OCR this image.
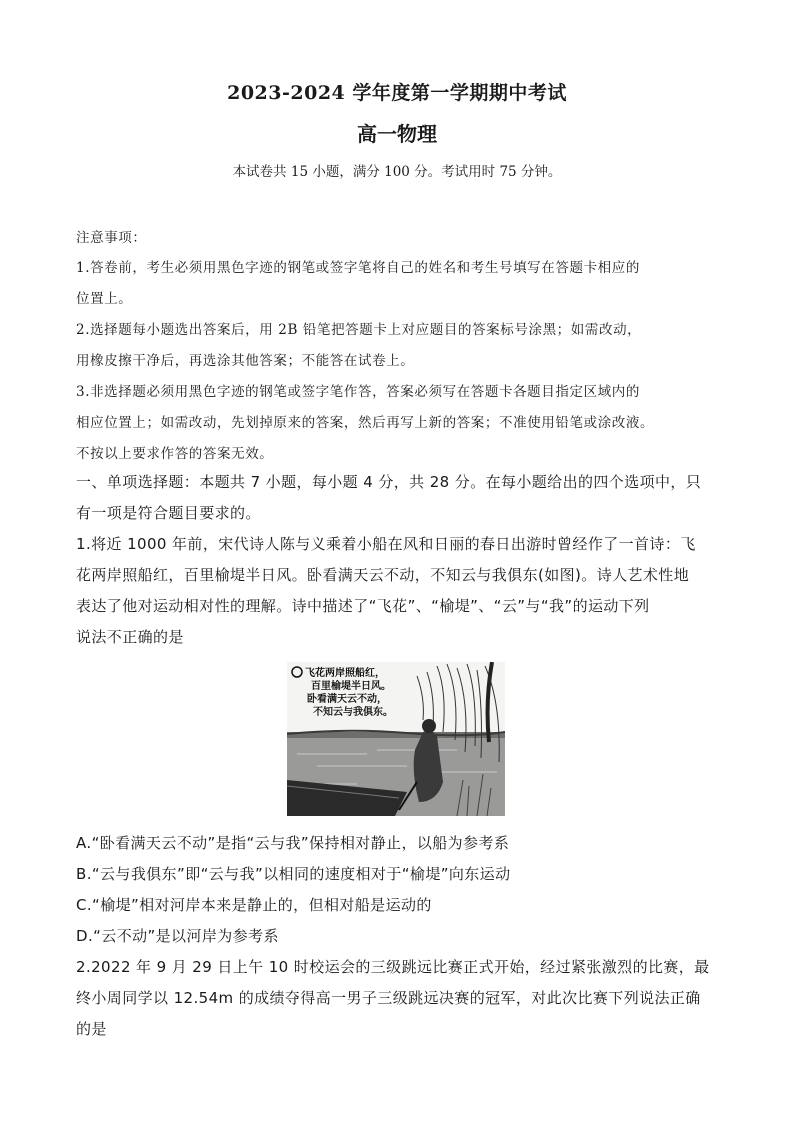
2023-2024 学年度第一学期期中考试
高一物理
本试卷共 15 小题，满分 100 分。考试用时 75 分钟。
注意事项：
1.答卷前，考生必须用黑色字迹的钢笔或签字笔将自己的姓名和考生号填写在答题卡相应的
位置上。
2.选择题每小题选出答案后，用 2B 铅笔把答题卡上对应题目的答案标号涂黑；如需改动，
用橡皮擦干净后，再选涂其他答案；不能答在试卷上。
3.非选择题必须用黑色字迹的钢笔或签字笔作答，答案必须写在答题卡各题目指定区域内的
相应位置上；如需改动，先划掉原来的答案，然后再写上新的答案；不准使用铅笔或涂改液。
不按以上要求作答的答案无效。
一、单项选择题：本题共 7 小题，每小题 4 分，共 28 分。在每小题给出的四个选项中，只
有一项是符合题目要求的。
1.将近 1000 年前，宋代诗人陈与义乘着小船在风和日丽的春日出游时曾经作了一首诗：飞
花两岸照船红，百里榆堤半日风。卧看满天云不动，不知云与我俱东(如图)。诗人艺术性地
表达了他对运动相对性的理解。诗中描述了“飞花”、“榆堤”、“云”与“我”的运动下列
说法不正确的是
飞花两岸照船红，
百里榆堤半日风。
卧看满天云不动，
不知云与我俱东。
A.“卧看满天云不动”是指“云与我”保持相对静止，以船为参考系
B.“云与我俱东”即“云与我”以相同的速度相对于“榆堤”向东运动
C.“榆堤”相对河岸本来是静止的，但相对船是运动的
D.“云不动”是以河岸为参考系
2.2022 年 9 月 29 日上午 10 时校运会的三级跳远比赛正式开始，经过紧张激烈的比赛，最
终小周同学以 12.54m 的成绩夺得高一男子三级跳远决赛的冠军，对此次比赛下列说法正确
的是
